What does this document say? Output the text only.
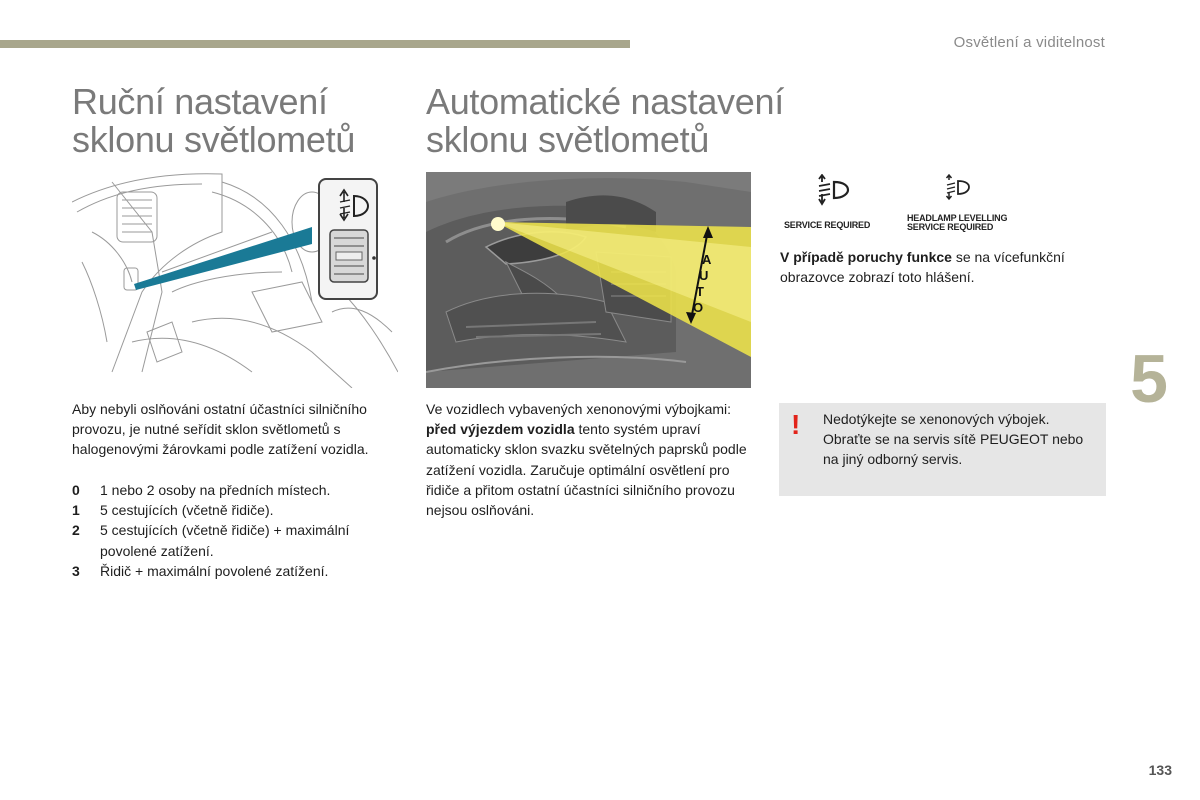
Osvětlení a viditelnost
Ruční nastavení
sklonu světlometů
Automatické nastavení
sklonu světlometů
A
U
T
O

Aby nebyli oslňováni ostatní účastníci silničního provozu, je nutné seřídit sklon světlometů s halogenovými žárovkami podle zatížení vozidla.

0	1 nebo 2 osoby na předních místech.
1	5 cestujících (včetně řidiče).
2	5 cestujících (včetně řidiče) + maximální povolené zatížení.
3	Řidič + maximální povolené zatížení.

Ve vozidlech vybavených xenonovými výbojkami: před výjezdem vozidla tento systém upraví automaticky sklon svazku světelných paprsků podle zatížení vozidla. Zaručuje optimální osvětlení pro řidiče a přitom ostatní účastníci silničního provozu nejsou oslňováni.

SERVICE REQUIRED
HEADLAMP LEVELLING
SERVICE REQUIRED

V případě poruchy funkce se na vícefunkční obrazovce zobrazí toto hlášení.

! Nedotýkejte se xenonových výbojek. Obraťte se na servis sítě PEUGEOT nebo na jiný odborný servis.
5
133
